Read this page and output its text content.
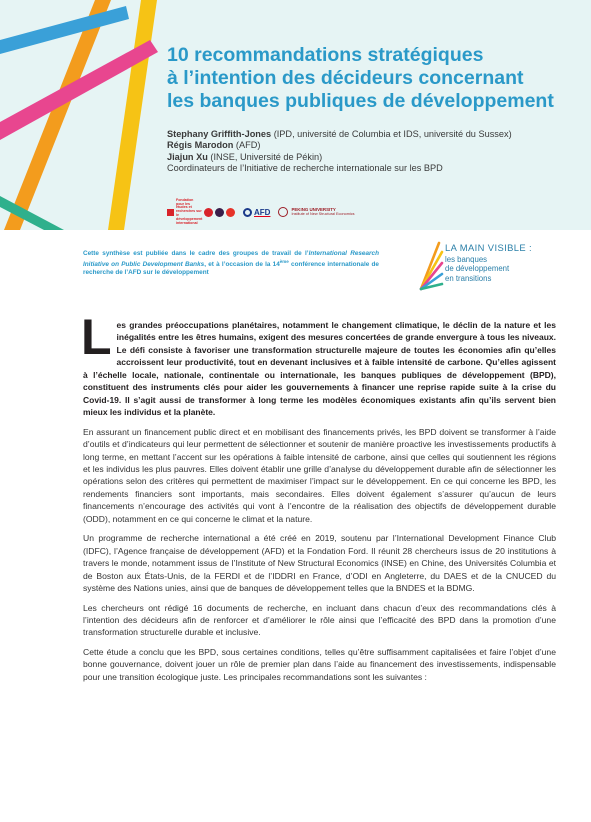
10 recommandations stratégiques
à l’intention des décideurs concernant
les banques publiques de développement
Stephany Griffith-Jones (IPD, université de Columbia et IDS, université du Sussex)
Régis Marodon (AFD)
Jiajun Xu (INSE, Université de Pékin)
Coordinateurs de l’Initiative de recherche internationale sur les BPD
Fondation pour les études et recherches sur le développement international
AFD	PEKING UNIVERSITY
Institute of New Structural Economics
Cette synthèse est publiée dans le cadre des groupes de travail de l’International Research Initiative on Public Development Banks, et à l’occasion de la 14ème conférence internationale de recherche de l’AFD sur le développement
LA MAIN VISIBLE :
les banques
de développement
en transitions

Les grandes préoccupations planétaires, notamment le changement climatique, le déclin de la nature et les inégalités entre les êtres humains, exigent des mesures concertées de grande envergure à tous les niveaux. Le défi consiste à favoriser une transformation structurelle majeure de toutes les économies afin qu’elles accroissent leur productivité, tout en devenant inclusives et à faible intensité de carbone. Qu’elles agissent à l’échelle locale, nationale, continentale ou internationale, les banques publiques de développement (BPD), constituent des instruments clés pour aider les gouvernements à financer une reprise rapide suite à la crise du Covid-19. Il s’agit aussi de transformer à long terme les modèles économiques existants afin qu’ils servent bien mieux les individus et la planète.

En assurant un financement public direct et en mobilisant des financements privés, les BPD doivent se transformer à l’aide d’outils et d’indicateurs qui leur permettent de sélectionner et soutenir de manière proactive les investissements productifs à long terme, en mettant l’accent sur les opérations à faible intensité de carbone, ainsi que celles qui soutiennent les régions et les individus les plus pauvres. Elles doivent établir une grille d’analyse du développement durable afin de sélectionner les opérations selon des critères qui permettent de maximiser l’impact sur le développement. En ce qui concerne les BPD, les rendements financiers sont importants, mais secondaires. Elles doivent également s’assurer qu’aucun de leurs financements n’encourage des activités qui vont à l’encontre de la réalisation des objectifs de développement durable (ODD), notamment en ce qui concerne le climat et la nature.

Un programme de recherche international a été créé en 2019, soutenu par l’International Development Finance Club (IDFC), l’Agence française de développement (AFD) et la Fondation Ford. Il réunit 28 chercheurs issus de 20 institutions à travers le monde, notamment issus de l’Institute of New Structural Economics (INSE) en Chine, des Universités Columbia et de Boston aux États-Unis, de la FERDI et de l’IDDRI en France, d’ODI en Angleterre, du DAES et de la CNUCED du système des Nations unies, ainsi que de banques de développement telles que la BNDES et la BDMG.

Les chercheurs ont rédigé 16 documents de recherche, en incluant dans chacun d’eux des recommandations clés à l’intention des décideurs afin de renforcer et d’améliorer le rôle ainsi que l’efficacité des BPD dans la promotion d’une transformation structurelle durable et inclusive.

Cette étude a conclu que les BPD, sous certaines conditions, telles qu’être suffisamment capitalisées et faire l’objet d’une bonne gouvernance, doivent jouer un rôle de premier plan dans l’aide au financement des investissements, indispensable pour une transition écologique juste. Les principales recommandations sont les suivantes :
